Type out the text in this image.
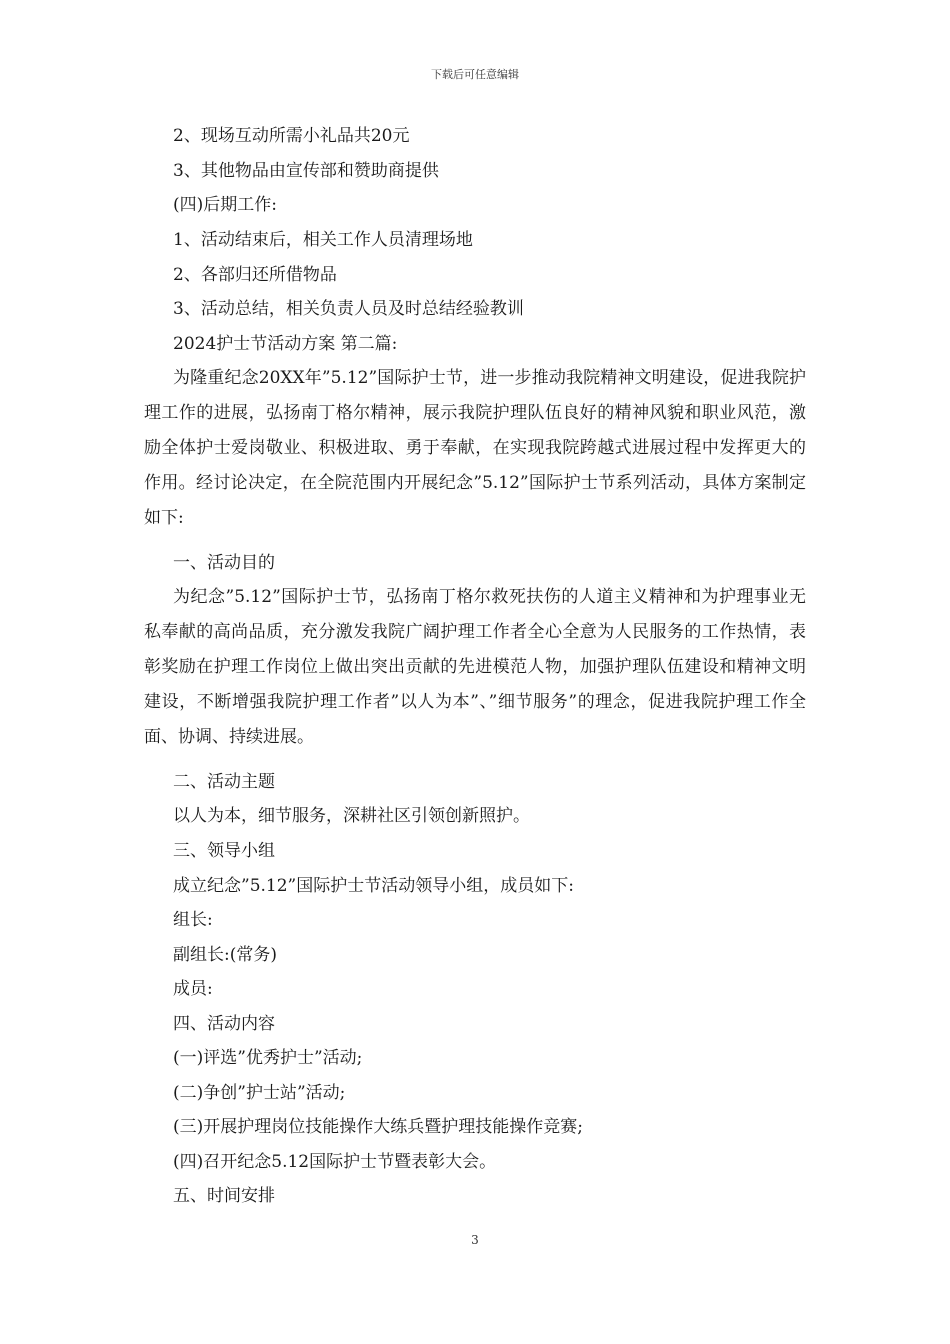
下载后可任意编辑
2、现场互动所需小礼品共20元
3、其他物品由宣传部和赞助商提供
(四)后期工作:
1、活动结束后，相关工作人员清理场地
2、各部归还所借物品
3、活动总结，相关负责人员及时总结经验教训
2024护士节活动方案 第二篇:
为隆重纪念20XX年”5.12”国际护士节，进一步推动我院精神文明建设，促进我院护理工作的进展，弘扬南丁格尔精神，展示我院护理队伍良好的精神风貌和职业风范，激励全体护士爱岗敬业、积极进取、勇于奉献，在实现我院跨越式进展过程中发挥更大的作用。经讨论决定，在全院范围内开展纪念”5.12”国际护士节系列活动，具体方案制定如下:
一、活动目的
为纪念”5.12”国际护士节，弘扬南丁格尔救死扶伤的人道主义精神和为护理事业无私奉献的高尚品质，充分激发我院广阔护理工作者全心全意为人民服务的工作热情，表彰奖励在护理工作岗位上做出突出贡献的先进模范人物，加强护理队伍建设和精神文明建设，不断增强我院护理工作者”以人为本”、”细节服务”的理念，促进我院护理工作全面、协调、持续进展。
二、活动主题
以人为本，细节服务，深耕社区引领创新照护。
三、领导小组
成立纪念”5.12”国际护士节活动领导小组，成员如下:
组长:
副组长:(常务)
成员:
四、活动内容
(一)评选”优秀护士”活动;
(二)争创”护士站”活动;
(三)开展护理岗位技能操作大练兵暨护理技能操作竞赛;
(四)召开纪念5.12国际护士节暨表彰大会。
五、时间安排
3
